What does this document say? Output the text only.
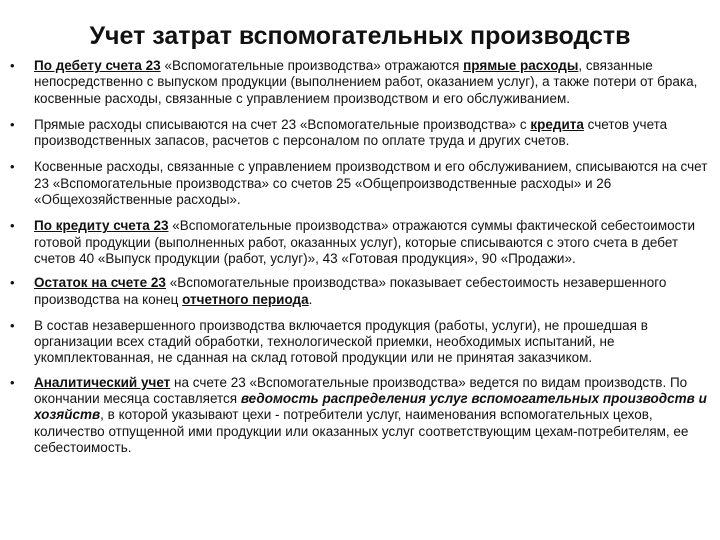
Учет затрат вспомогательных производств
• По дебету счета 23 «Вспомогательные производства» отражаются прямые расходы, связанные непосредственно с выпуском продукции (выполнением работ, оказанием услуг), а также потери от брака, косвенные расходы, связанные с управлением производством и его обслуживанием.
• Прямые расходы списываются на счет 23 «Вспомогательные производства» с кредита счетов учета производственных запасов, расчетов с персоналом по оплате труда и других счетов.
• Косвенные расходы, связанные с управлением производством и его обслуживанием, списываются на счет 23 «Вспомогательные производства» со счетов 25 «Общепроизводственные расходы» и 26 «Общехозяйственные расходы».
• По кредиту счета 23 «Вспомогательные производства» отражаются суммы фактической себестоимости готовой продукции (выполненных работ, оказанных услуг), которые списываются с этого счета в дебет счетов 40 «Выпуск продукции (работ, услуг)», 43 «Готовая продукция», 90 «Продажи».
• Остаток на счете 23 «Вспомогательные производства» показывает себестоимость незавершенного производства на конец отчетного периода.
• В состав незавершенного производства включается продукция (работы, услуги), не прошедшая в организации всех стадий обработки, технологической приемки, необходимых испытаний, не укомплектованная, не сданная на склад готовой продукции или не принятая заказчиком.
• Аналитический учет на счете 23 «Вспомогательные производства» ведется по видам производств. По окончании месяца составляется ведомость распределения услуг вспомогательных производств и хозяйств, в которой указывают цехи - потребители услуг, наименования вспомогательных цехов, количество отпущенной ими продукции или оказанных услуг соответствующим цехам-потребителям, ее себестоимость.
